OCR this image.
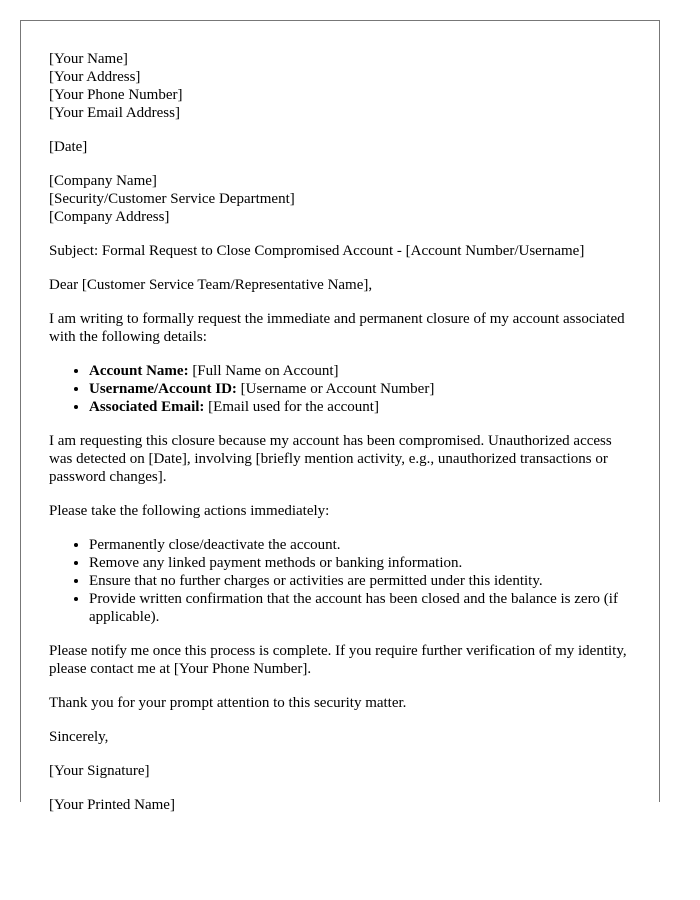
[Your Name]
[Your Address]
[Your Phone Number]
[Your Email Address]

[Date]

[Company Name]
[Security/Customer Service Department]
[Company Address]

Subject: Formal Request to Close Compromised Account - [Account Number/Username]

Dear [Customer Service Team/Representative Name],

I am writing to formally request the immediate and permanent closure of my account associated with the following details:

• Account Name: [Full Name on Account]
• Username/Account ID: [Username or Account Number]
• Associated Email: [Email used for the account]

I am requesting this closure because my account has been compromised. Unauthorized access was detected on [Date], involving [briefly mention activity, e.g., unauthorized transactions or password changes].

Please take the following actions immediately:

• Permanently close/deactivate the account.
• Remove any linked payment methods or banking information.
• Ensure that no further charges or activities are permitted under this identity.
• Provide written confirmation that the account has been closed and the balance is zero (if applicable).

Please notify me once this process is complete. If you require further verification of my identity, please contact me at [Your Phone Number].

Thank you for your prompt attention to this security matter.

Sincerely,

[Your Signature]

[Your Printed Name]
